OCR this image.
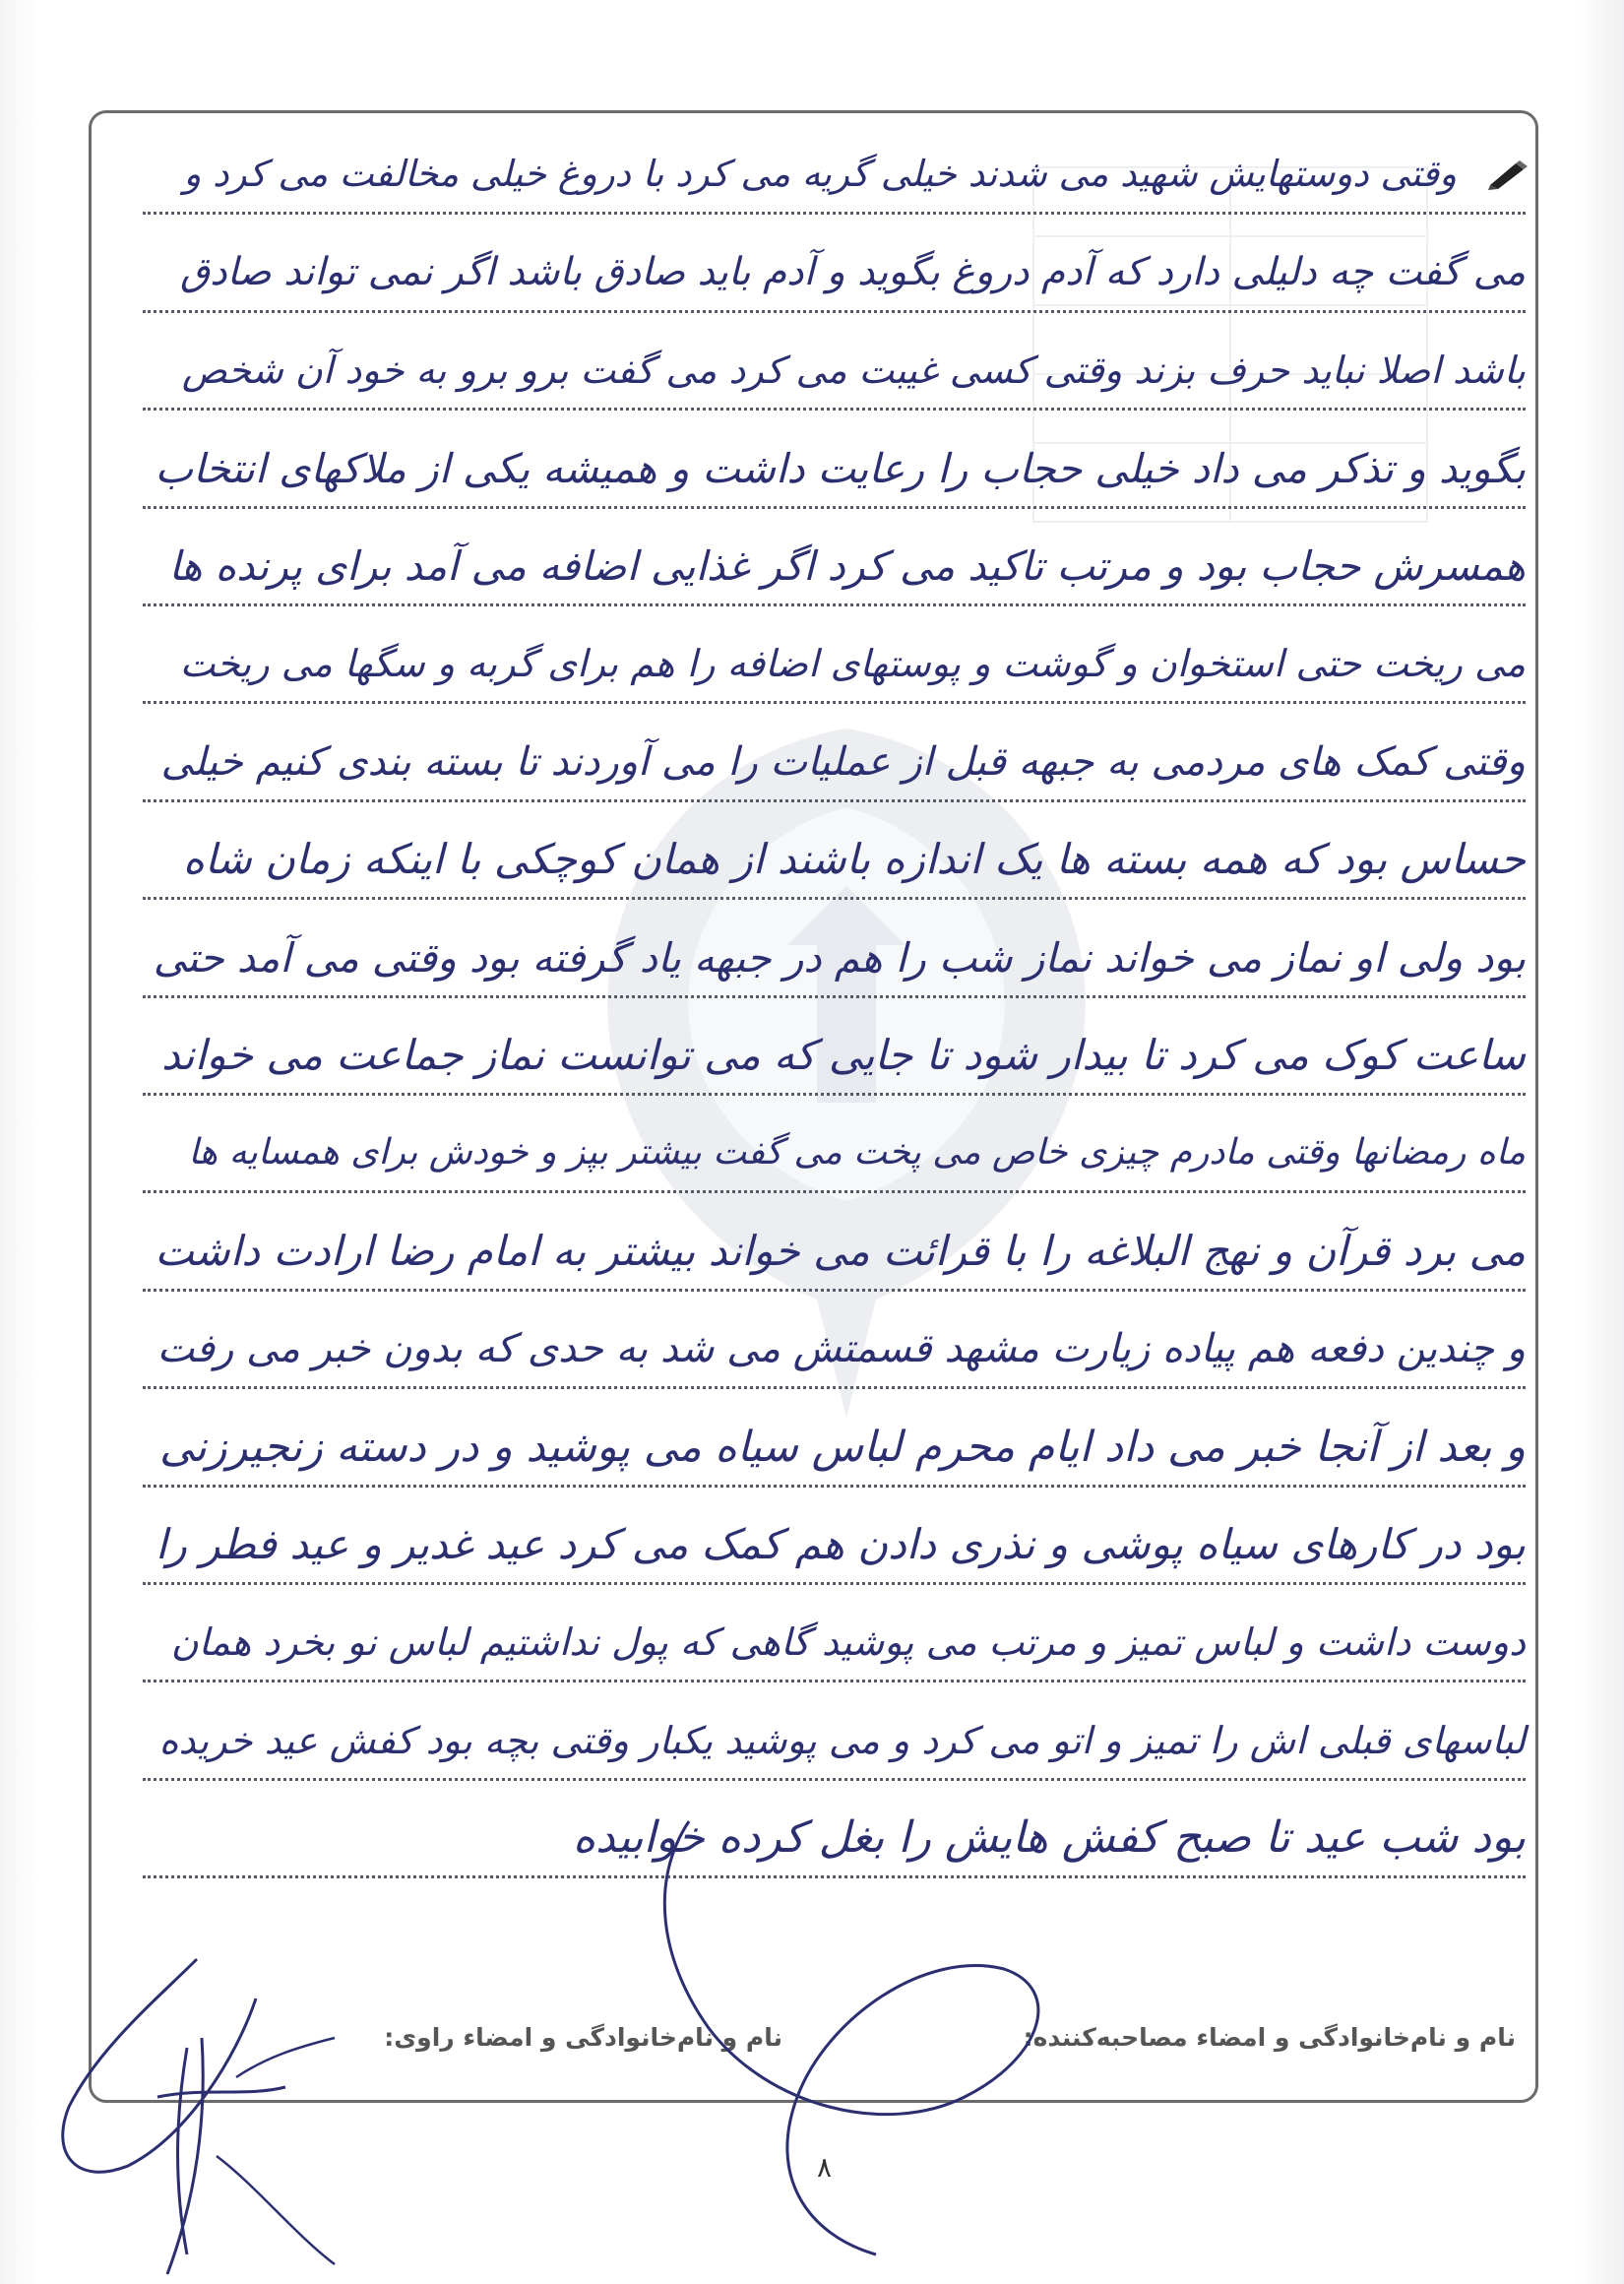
وقتی دوستهایش شهید می شدند خیلی گریه می کرد با دروغ خیلی مخالفت می کرد و
می گفت چه دلیلی دارد که آدم دروغ بگوید و آدم باید صادق باشد اگر نمی تواند صادق
باشد اصلا نباید حرف بزند وقتی کسی غیبت می کرد می گفت برو برو به خود آن شخص
بگوید و تذکر می داد خیلی حجاب را رعایت داشت و همیشه یکی از ملاکهای انتخاب
همسرش حجاب بود و مرتب تاکید می کرد اگر غذایی اضافه می آمد برای پرنده ها
می ریخت حتی استخوان و گوشت و پوستهای اضافه را هم برای گربه و سگها می ریخت
وقتی کمک های مردمی به جبهه قبل از عملیات را می آوردند تا بسته بندی کنیم خیلی
حساس بود که همه بسته ها یک اندازه باشند از همان کوچکی با اینکه زمان شاه
بود ولی او نماز می خواند نماز شب را هم در جبهه یاد گرفته بود وقتی می آمد حتی
ساعت کوک می کرد تا بیدار شود تا جایی که می توانست نماز جماعت می خواند
ماه رمضانها وقتی مادرم چیزی خاص می پخت می گفت بیشتر بپز و خودش برای همسایه ها
می برد قرآن و نهج البلاغه را با قرائت می خواند بیشتر به امام رضا ارادت داشت
و چندین دفعه هم پیاده زیارت مشهد قسمتش می شد به حدی که بدون خبر می رفت
و بعد از آنجا خبر می داد ایام محرم لباس سیاه می پوشید و در دسته زنجیرزنی
بود در کارهای سیاه پوشی و نذری دادن هم کمک می کرد عید غدیر و عید فطر را
دوست داشت و لباس تمیز و مرتب می پوشید گاهی که پول نداشتیم لباس نو بخرد همان
لباسهای قبلی اش را تمیز و اتو می کرد و می پوشید یکبار وقتی بچه بود کفش عید خریده
بود شب عید تا صبح کفش هایش را بغل کرده خوابیده
نام و نام‌خانوادگی و امضاء مصاحبه‌کننده:
نام و نام‌خانوادگی و امضاء راوی:
٨
